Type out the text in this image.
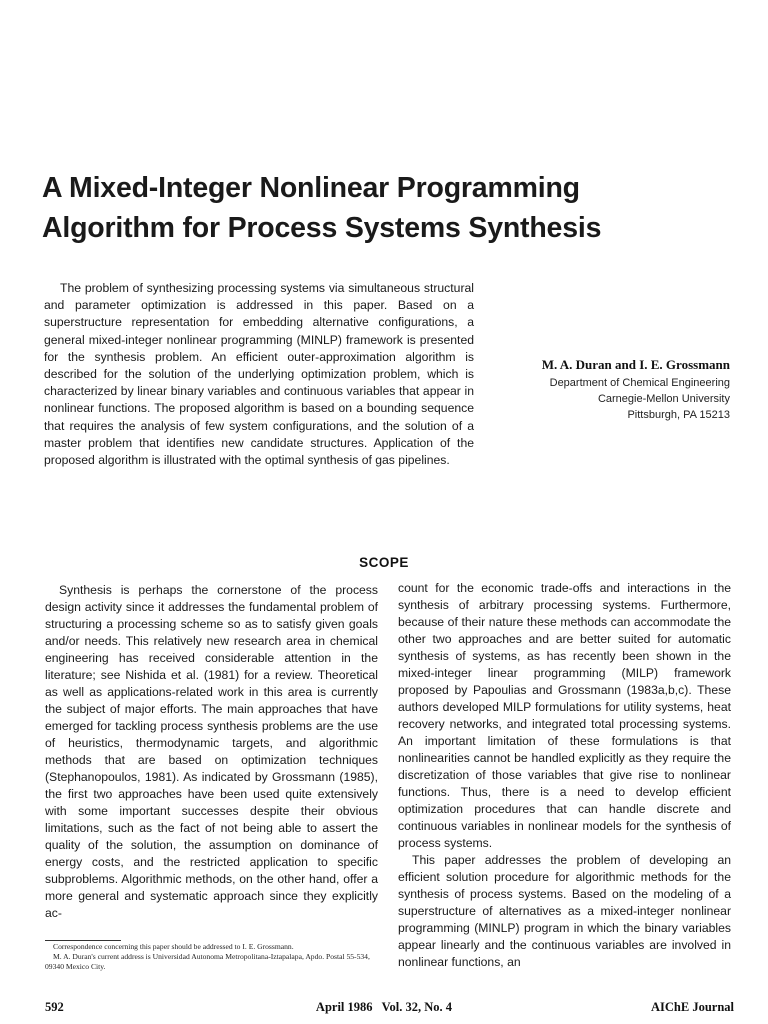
A Mixed-Integer Nonlinear Programming
Algorithm for Process Systems Synthesis

The problem of synthesizing processing systems via simultaneous structural and parameter optimization is addressed in this paper. Based on a superstructure representation for embedding alternative configurations, a general mixed-integer nonlinear programming (MINLP) framework is presented for the synthesis problem. An efficient outer-approximation algorithm is described for the solution of the underlying optimization problem, which is characterized by linear binary variables and continuous variables that appear in nonlinear functions. The proposed algorithm is based on a bounding sequence that requires the analysis of few system configurations, and the solution of a master problem that identifies new candidate structures. Application of the proposed algorithm is illustrated with the optimal synthesis of gas pipelines.

M. A. Duran and I. E. Grossmann
Department of Chemical Engineering
Carnegie-Mellon University
Pittsburgh, PA 15213
SCOPE

Synthesis is perhaps the cornerstone of the process design activity since it addresses the fundamental problem of structuring a processing scheme so as to satisfy given goals and/or needs. This relatively new research area in chemical engineering has received considerable attention in the literature; see Nishida et al. (1981) for a review. Theoretical as well as applications-related work in this area is currently the subject of major efforts. The main approaches that have emerged for tackling process synthesis problems are the use of heuristics, thermodynamic targets, and algorithmic methods that are based on optimization techniques (Stephanopoulos, 1981). As indicated by Grossmann (1985), the first two approaches have been used quite extensively with some important successes despite their obvious limitations, such as the fact of not being able to assert the quality of the solution, the assumption on dominance of energy costs, and the restricted application to specific subproblems. Algorithmic methods, on the other hand, offer a more general and systematic approach since they explicitly ac-

count for the economic trade-offs and interactions in the synthesis of arbitrary processing systems. Furthermore, because of their nature these methods can accommodate the other two approaches and are better suited for automatic synthesis of systems, as has recently been shown in the mixed-integer linear programming (MILP) framework proposed by Papoulias and Grossmann (1983a,b,c). These authors developed MILP formulations for utility systems, heat recovery networks, and integrated total processing systems. An important limitation of these formulations is that nonlinearities cannot be handled explicitly as they require the discretization of those variables that give rise to nonlinear functions. Thus, there is a need to develop efficient optimization procedures that can handle discrete and continuous variables in nonlinear models for the synthesis of process systems.

This paper addresses the problem of developing an efficient solution procedure for algorithmic methods for the synthesis of process systems. Based on the modeling of a superstructure of alternatives as a mixed-integer nonlinear programming (MINLP) program in which the binary variables appear linearly and the continuous variables are involved in nonlinear functions, an

Correspondence concerning this paper should be addressed to I. E. Grossmann.
M. A. Duran's current address is Universidad Autonoma Metropolitana-Iztapalapa, Apdo. Postal 55-534, 09340 Mexico City.
592	April 1986   Vol. 32, No. 4	AIChE Journal
